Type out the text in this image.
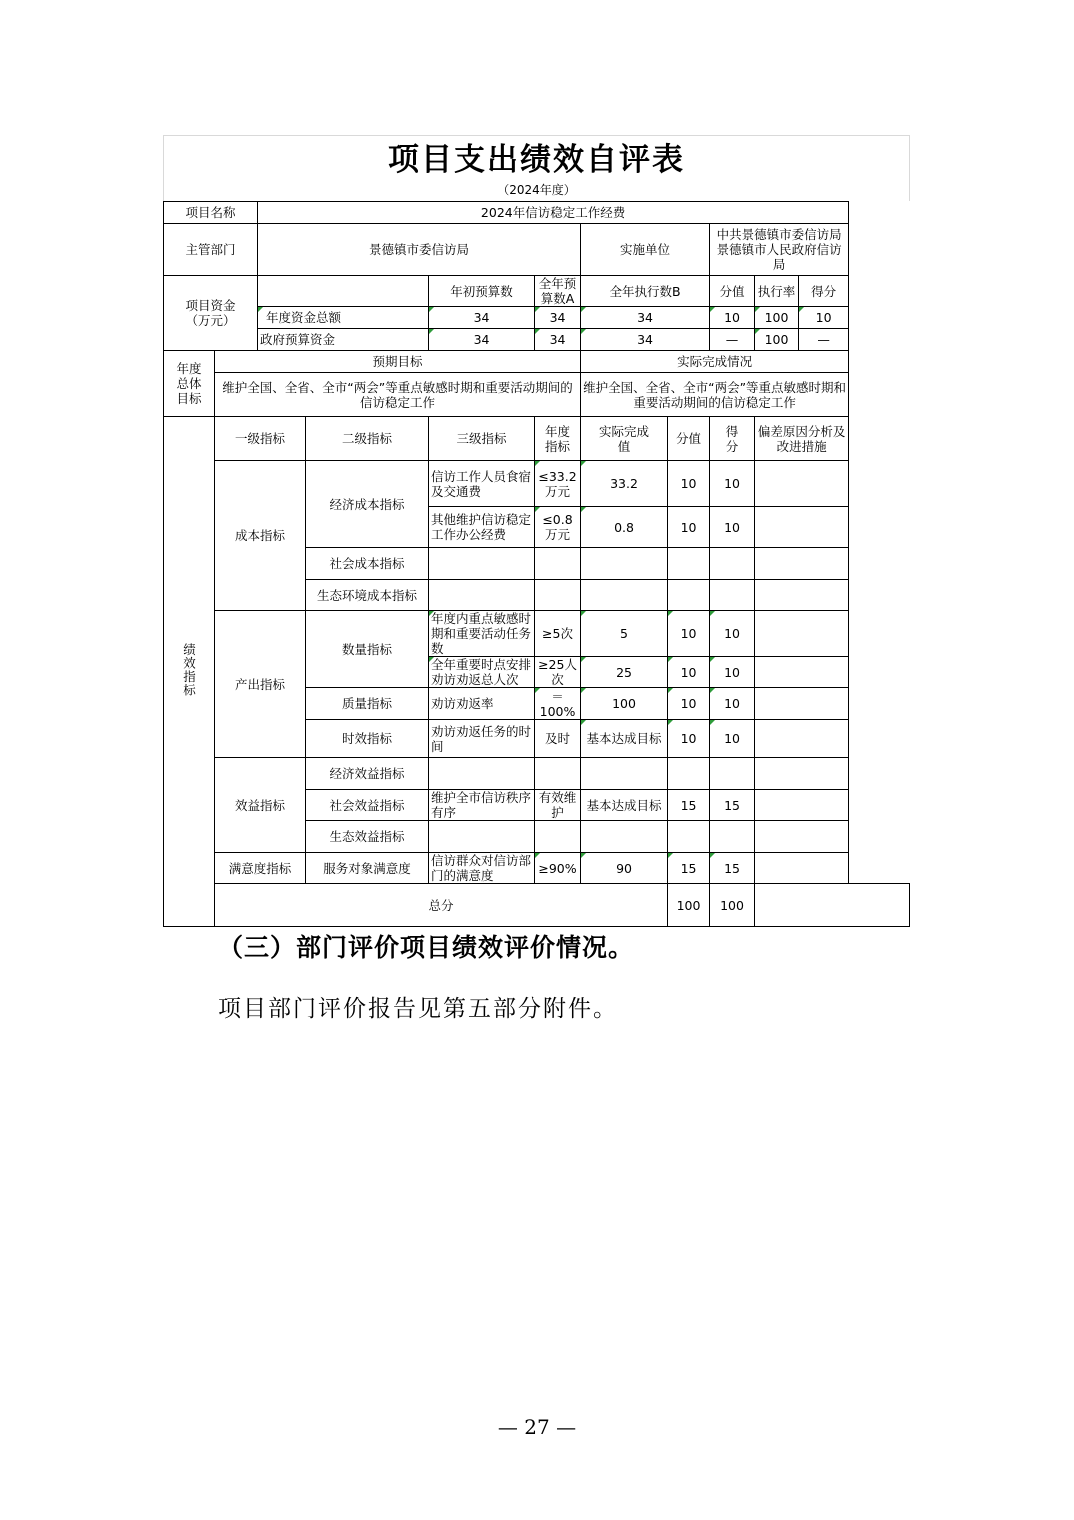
项目支出绩效自评表
（2024年度）
项目名称		2024年信访稳定工作经费								
主管部门		景德镇市委信访局				实施单位		中共景德镇市委信访局景德镇市人民政府信访局		
项目资金（万元）				年初预算数	全年预算数A	全年执行数B		分值	执行率	得分
		年度资金总额		34	34	34		10	100	10
		政府预算资金		34	34	34		—	100	—
年度总体目标	预期目标					实际完成情况				
	维护全国、全省、全市“两会”等重点敏感时期和重要活动期间的信访稳定工作					维护全国、全省、全市“两会”等重点敏感时期和重要活动期间的信访稳定工作				
绩效指标	一级指标		二级指标	三级指标	年度指标	实际完成值	分值	得分	偏差原因分析及改进措施	
	成本指标		经济成本指标	信访工作人员食宿及交通费	≤33.2万元	33.2	10	10		
				其他维护信访稳定工作办公经费	≤0.8万元	0.8	10	10		
			社会成本指标							
			生态环境成本指标							
	产出指标		数量指标	年度内重点敏感时期和重要活动任务数	≥5次	5	10	10		
				全年重要时点安排劝访劝返总人次	≥25人次	25	10	10		
			质量指标	劝访劝返率	＝100%	100	10	10		
			时效指标	劝访劝返任务的时间	及时	基本达成目标	10	10		
	效益指标		经济效益指标							
			社会效益指标	维护全市信访秩序有序	有效维护	基本达成目标	15	15		
			生态效益指标							
	满意度指标		服务对象满意度	信访群众对信访部门的满意度	≥90%	90	15	15		
	总分						100	100		
（三）部门评价项目绩效评价情况。
项目部门评价报告见第五部分附件。
— 27 —
